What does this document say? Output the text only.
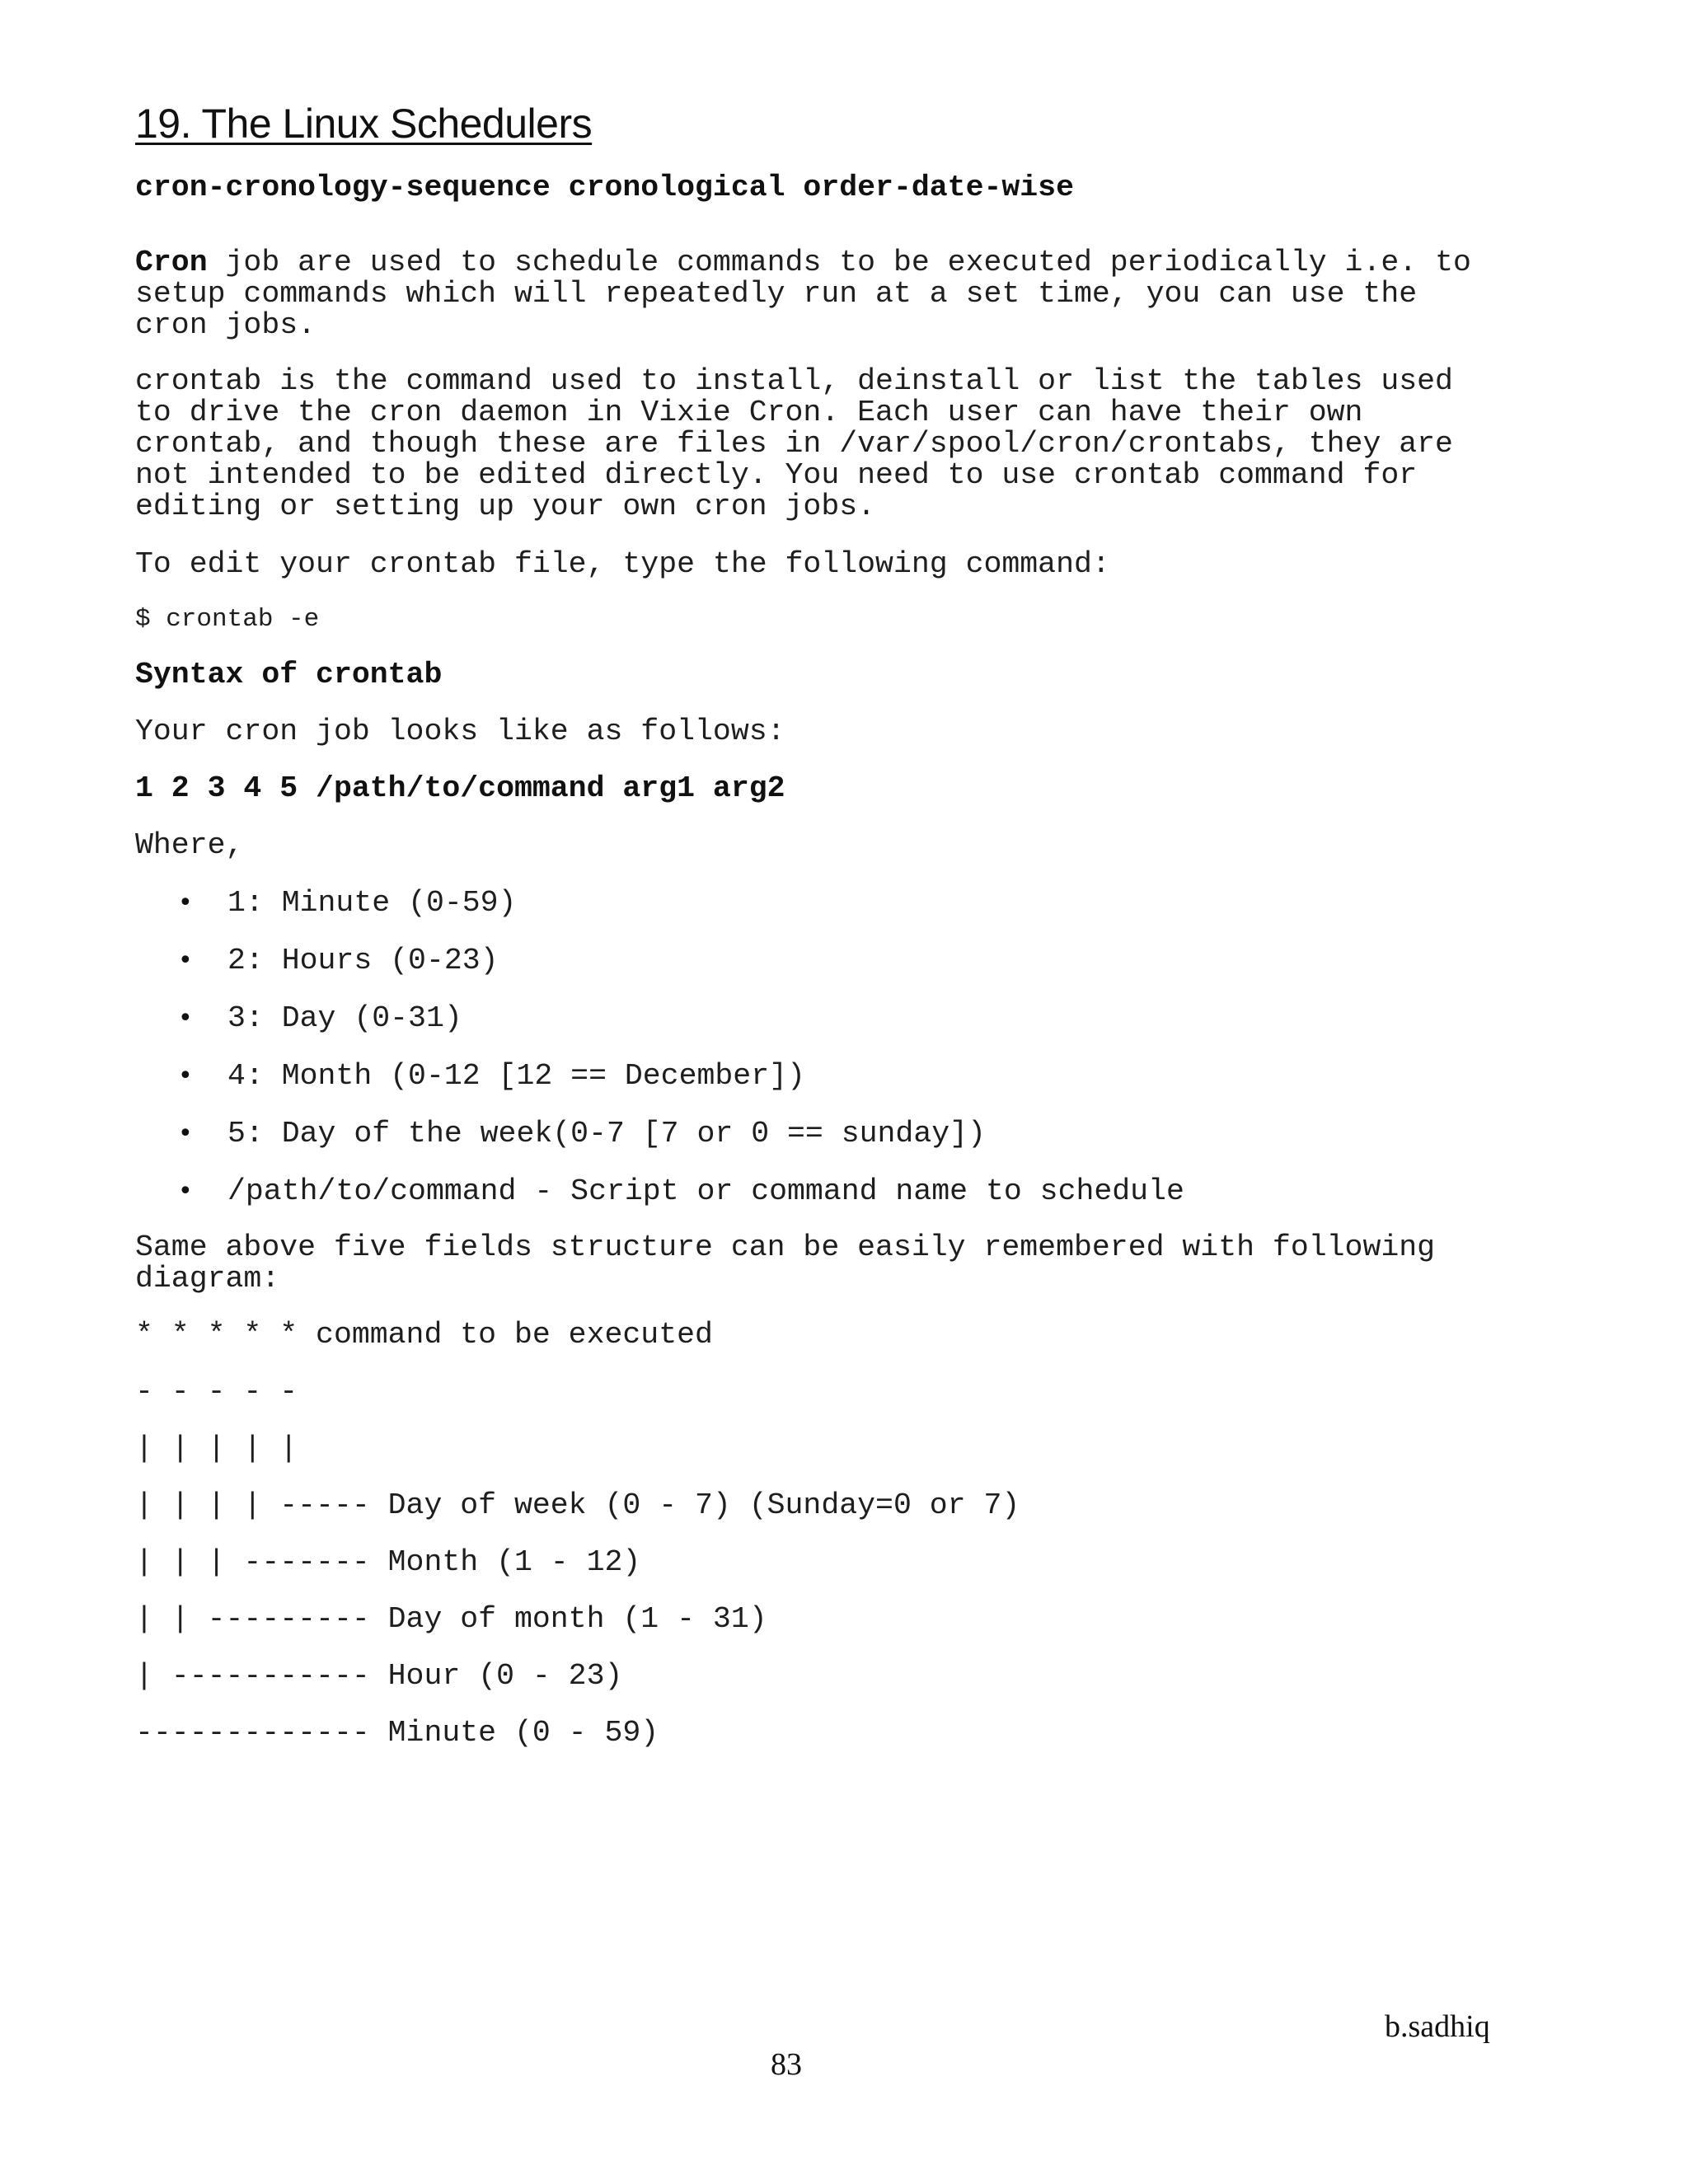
19. The Linux Schedulers

cron-cronology-sequence cronological order-date-wise

Cron job are used to schedule commands to be executed periodically i.e. to

setup commands which will repeatedly run at a set time, you can use the

cron jobs.

crontab is the command used to install, deinstall or list the tables used

to drive the cron daemon in Vixie Cron. Each user can have their own

crontab, and though these are files in /var/spool/cron/crontabs, they are

not intended to be edited directly. You need to use crontab command for

editing or setting up your own cron jobs.

To edit your crontab file, type the following command:

$ crontab -e

Syntax of crontab

Your cron job looks like as follows:

1 2 3 4 5 /path/to/command arg1 arg2

Where,

• 1: Minute (0-59)

• 2: Hours (0-23)

• 3: Day (0-31)

• 4: Month (0-12 [12 == December])

• 5: Day of the week(0-7 [7 or 0 == sunday])

• /path/to/command - Script or command name to schedule

Same above five fields structure can be easily remembered with following

diagram:

* * * * * command to be executed

- - - - -

| | | | |

| | | | ----- Day of week (0 - 7) (Sunday=0 or 7)

| | | ------- Month (1 - 12)

| | --------- Day of month (1 - 31)

| ----------- Hour (0 - 23)

------------- Minute (0 - 59)

b.sadhiq
83
